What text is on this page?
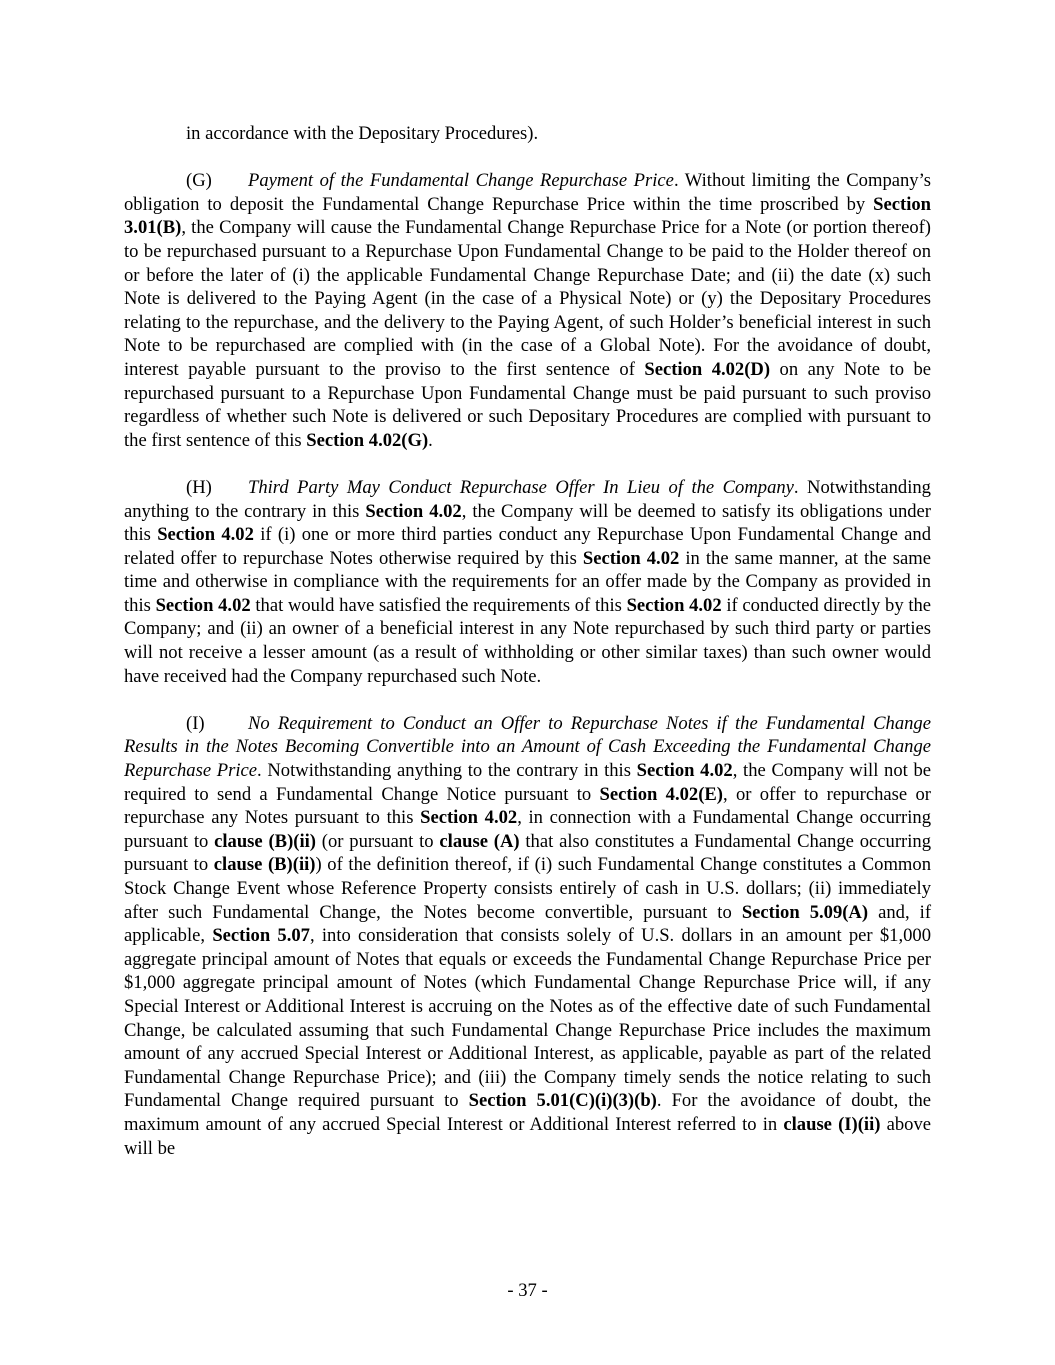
in accordance with the Depositary Procedures).

(G) Payment of the Fundamental Change Repurchase Price. Without limiting the Company’s obligation to deposit the Fundamental Change Repurchase Price within the time proscribed by Section 3.01(B), the Company will cause the Fundamental Change Repurchase Price for a Note (or portion thereof) to be repurchased pursuant to a Repurchase Upon Fundamental Change to be paid to the Holder thereof on or before the later of (i) the applicable Fundamental Change Repurchase Date; and (ii) the date (x) such Note is delivered to the Paying Agent (in the case of a Physical Note) or (y) the Depositary Procedures relating to the repurchase, and the delivery to the Paying Agent, of such Holder’s beneficial interest in such Note to be repurchased are complied with (in the case of a Global Note). For the avoidance of doubt, interest payable pursuant to the proviso to the first sentence of Section 4.02(D) on any Note to be repurchased pursuant to a Repurchase Upon Fundamental Change must be paid pursuant to such proviso regardless of whether such Note is delivered or such Depositary Procedures are complied with pursuant to the first sentence of this Section 4.02(G).

(H) Third Party May Conduct Repurchase Offer In Lieu of the Company. Notwithstanding anything to the contrary in this Section 4.02, the Company will be deemed to satisfy its obligations under this Section 4.02 if (i) one or more third parties conduct any Repurchase Upon Fundamental Change and related offer to repurchase Notes otherwise required by this Section 4.02 in the same manner, at the same time and otherwise in compliance with the requirements for an offer made by the Company as provided in this Section 4.02 that would have satisfied the requirements of this Section 4.02 if conducted directly by the Company; and (ii) an owner of a beneficial interest in any Note repurchased by such third party or parties will not receive a lesser amount (as a result of withholding or other similar taxes) than such owner would have received had the Company repurchased such Note.

(I) No Requirement to Conduct an Offer to Repurchase Notes if the Fundamental Change Results in the Notes Becoming Convertible into an Amount of Cash Exceeding the Fundamental Change Repurchase Price. Notwithstanding anything to the contrary in this Section 4.02, the Company will not be required to send a Fundamental Change Notice pursuant to Section 4.02(E), or offer to repurchase or repurchase any Notes pursuant to this Section 4.02, in connection with a Fundamental Change occurring pursuant to clause (B)(ii) (or pursuant to clause (A) that also constitutes a Fundamental Change occurring pursuant to clause (B)(ii)) of the definition thereof, if (i) such Fundamental Change constitutes a Common Stock Change Event whose Reference Property consists entirely of cash in U.S. dollars; (ii) immediately after such Fundamental Change, the Notes become convertible, pursuant to Section 5.09(A) and, if applicable, Section 5.07, into consideration that consists solely of U.S. dollars in an amount per $1,000 aggregate principal amount of Notes that equals or exceeds the Fundamental Change Repurchase Price per $1,000 aggregate principal amount of Notes (which Fundamental Change Repurchase Price will, if any Special Interest or Additional Interest is accruing on the Notes as of the effective date of such Fundamental Change, be calculated assuming that such Fundamental Change Repurchase Price includes the maximum amount of any accrued Special Interest or Additional Interest, as applicable, payable as part of the related Fundamental Change Repurchase Price); and (iii) the Company timely sends the notice relating to such Fundamental Change required pursuant to Section 5.01(C)(i)(3)(b). For the avoidance of doubt, the maximum amount of any accrued Special Interest or Additional Interest referred to in clause (I)(ii) above will be

- 37 -
